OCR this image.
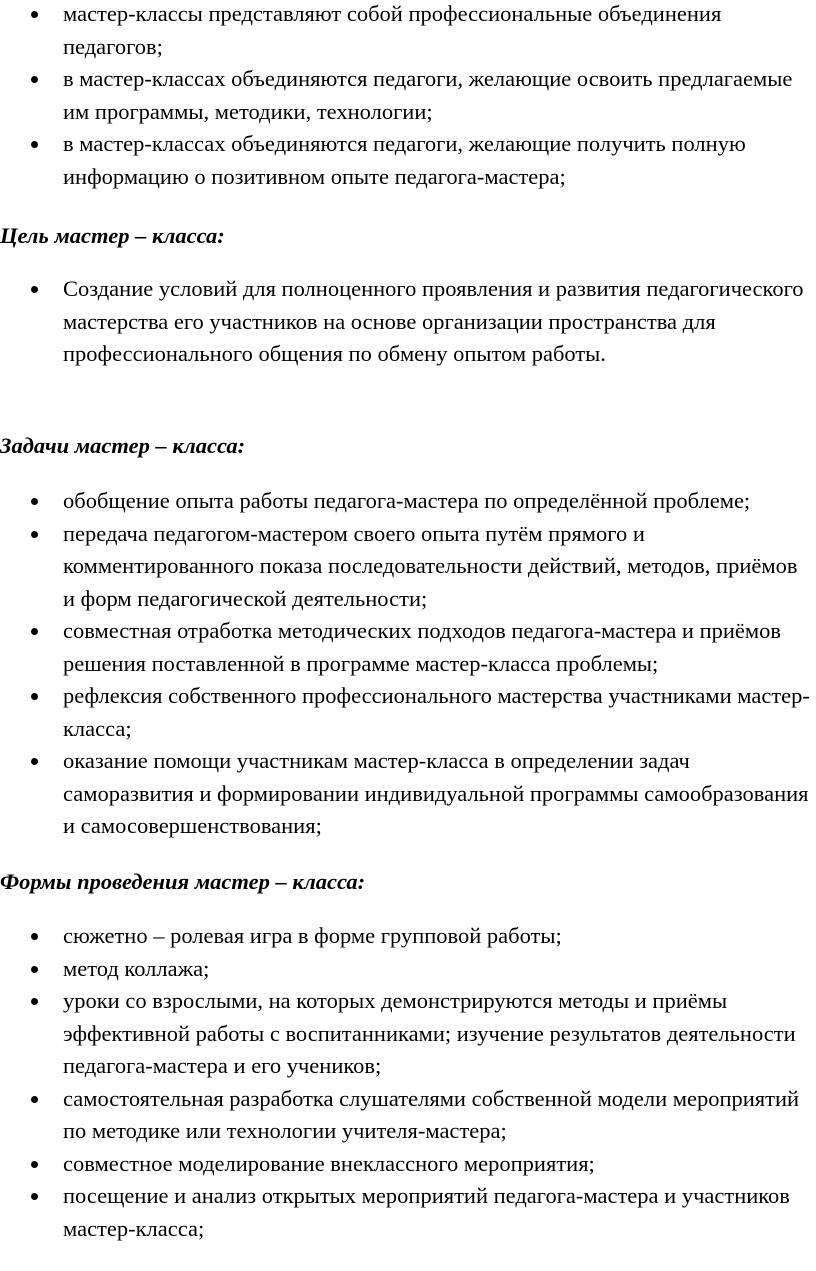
мастер-классы представляют собой профессиональные объединения педагогов;
в мастер-классах объединяются педагоги, желающие освоить предлагаемые им программы, методики, технологии;
в мастер-классах объединяются педагоги, желающие получить полную информацию о позитивном опыте педагога-мастера;
Цель мастер – класса:
Создание условий для полноценного проявления и развития педагогического мастерства его участников на основе организации пространства для профессионального общения по обмену опытом работы.
Задачи мастер – класса:
обобщение опыта работы педагога-мастера по определённой проблеме;
передача педагогом-мастером своего опыта путём прямого и комментированного показа последовательности действий, методов, приёмов и форм педагогической деятельности;
совместная отработка методических подходов педагога-мастера и приёмов решения поставленной в программе мастер-класса проблемы;
рефлексия собственного профессионального мастерства участниками мастер-класса;
оказание помощи участникам мастер-класса в определении задач саморазвития и формировании индивидуальной программы самообразования и самосовершенствования;
Формы проведения мастер – класса:
сюжетно – ролевая игра в форме групповой работы;
метод коллажа;
уроки со взрослыми, на которых демонстрируются методы и приёмы эффективной работы с воспитанниками; изучение результатов деятельности педагога-мастера и его учеников;
самостоятельная разработка слушателями собственной модели мероприятий по методике или технологии учителя-мастера;
совместное моделирование внеклассного мероприятия;
посещение и анализ открытых мероприятий педагога-мастера и участников мастер-класса;
